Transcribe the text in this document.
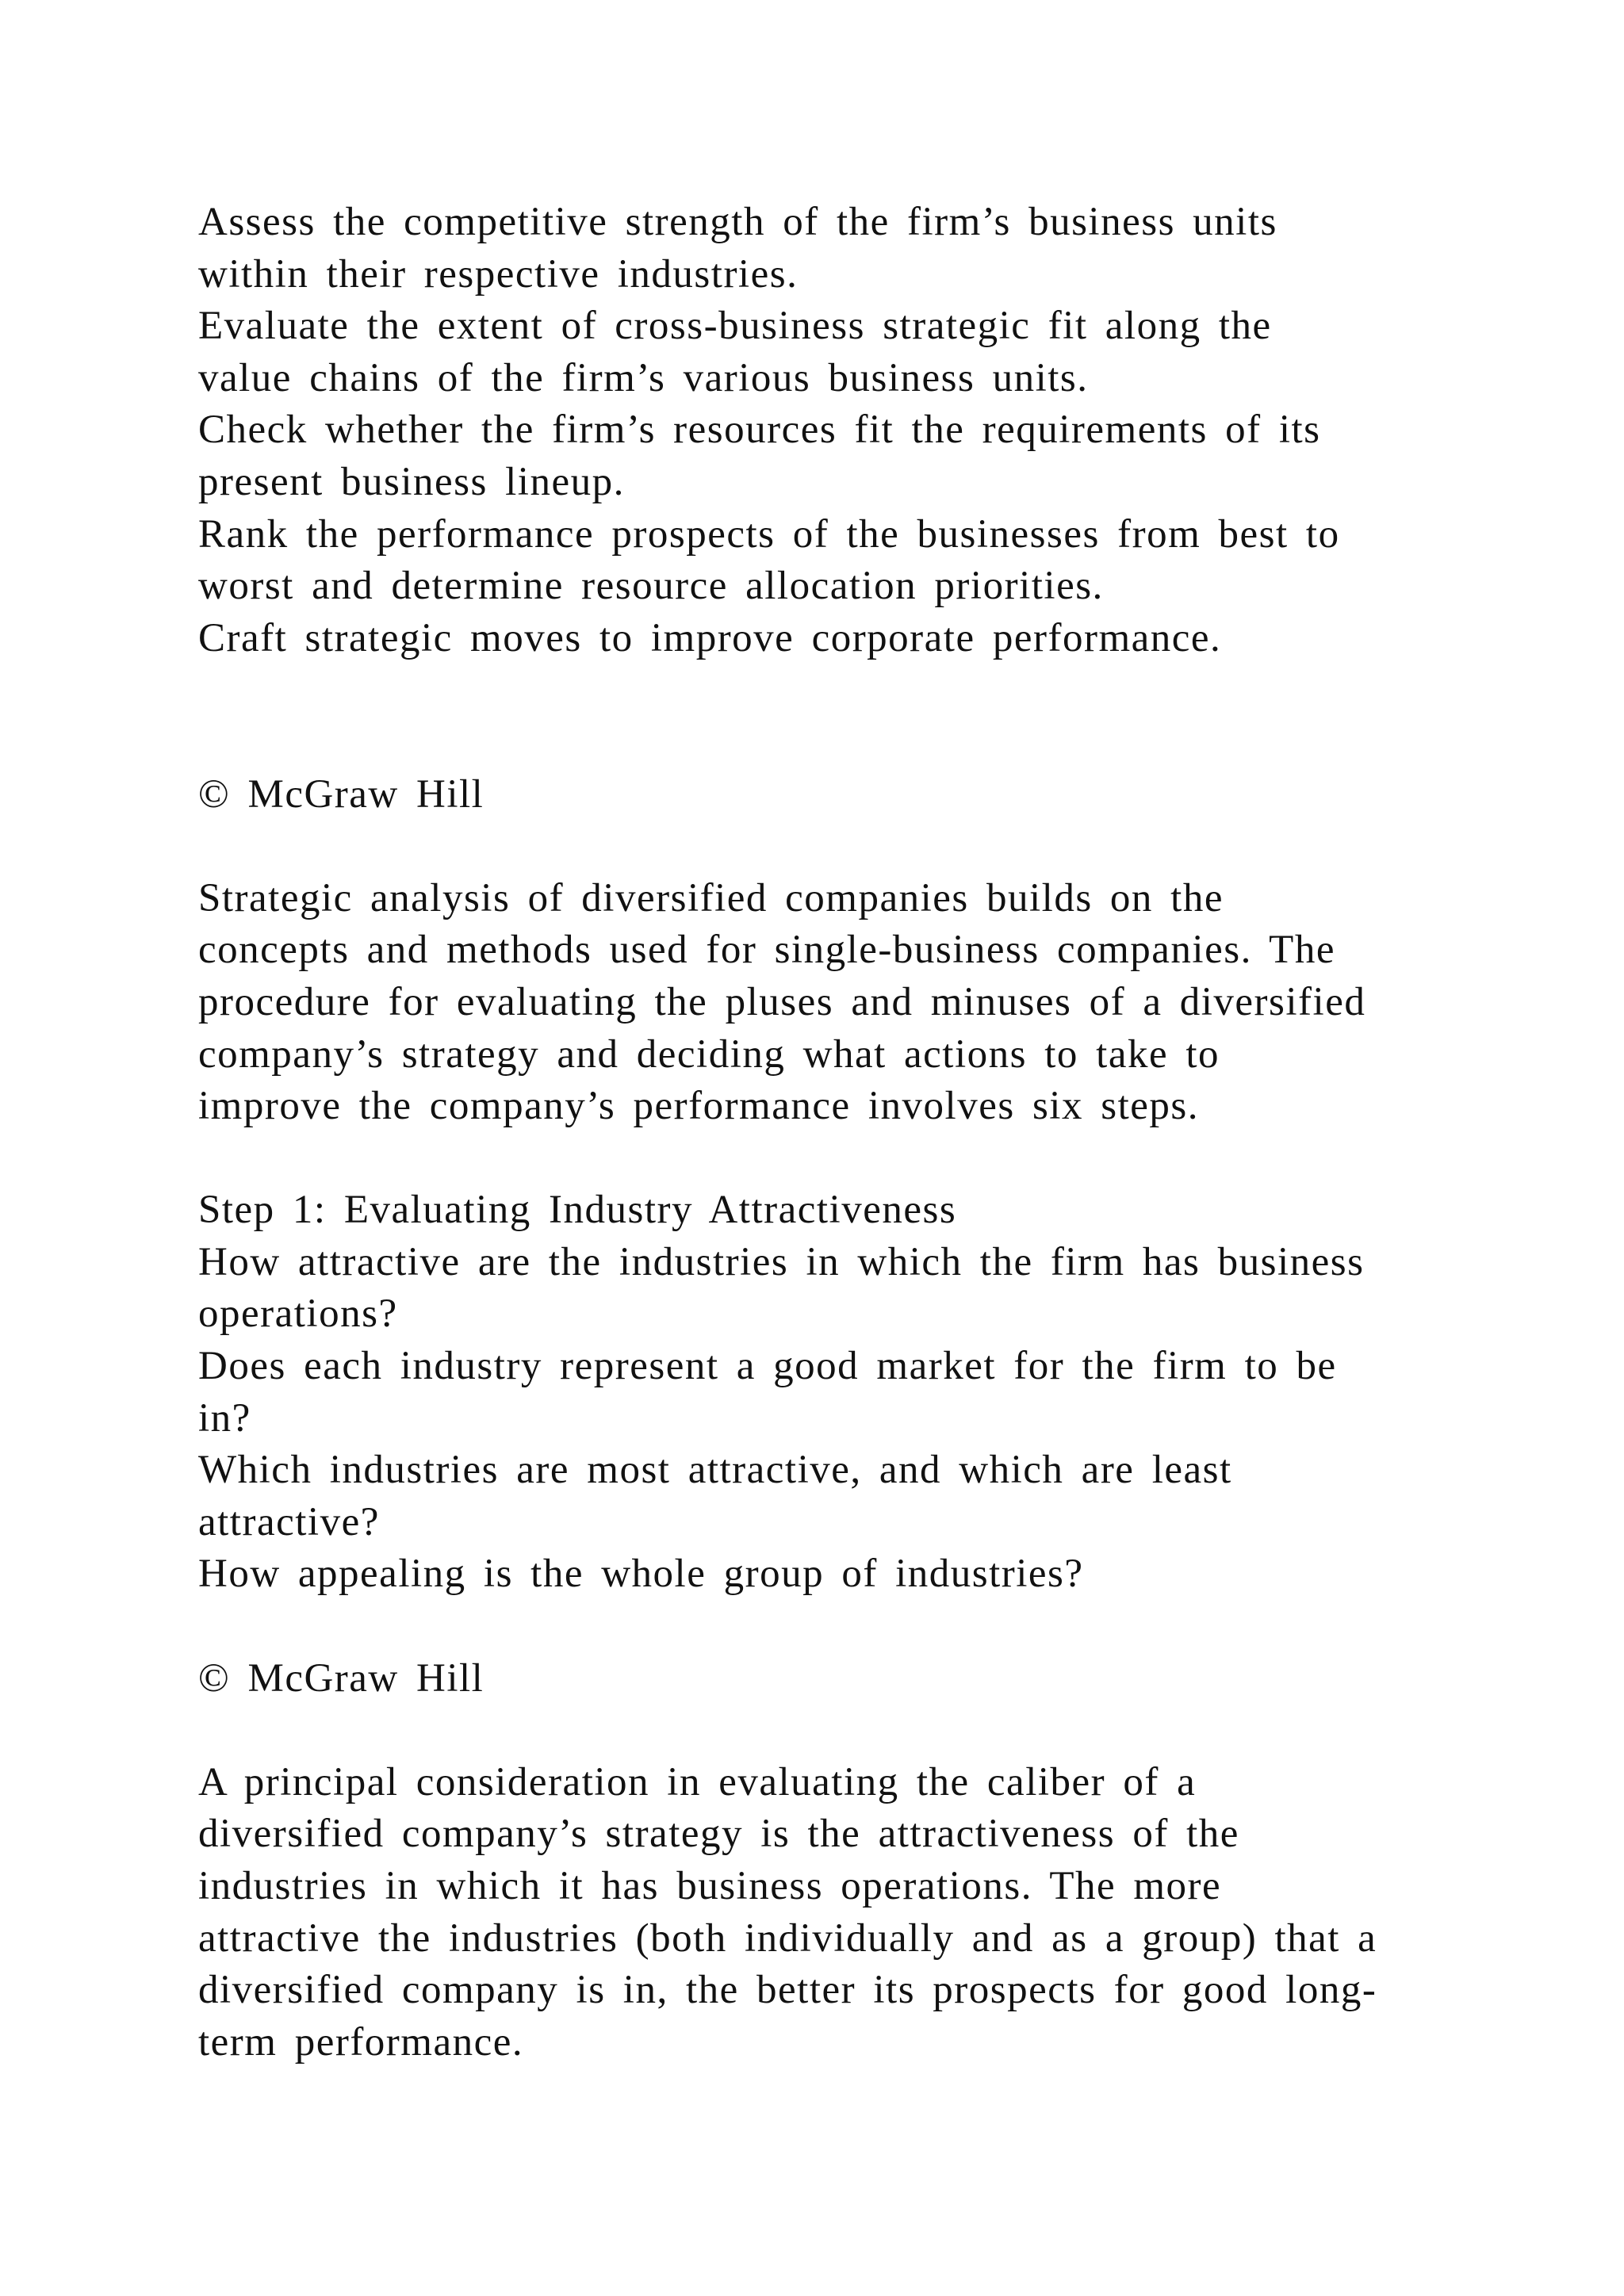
Assess the competitive strength of the firm’s business units
within their respective industries.
Evaluate the extent of cross-business strategic fit along the
value chains of the firm’s various business units.
Check whether the firm’s resources fit the requirements of its
present business lineup.
Rank the performance prospects of the businesses from best to
worst and determine resource allocation priorities.
Craft strategic moves to improve corporate performance.
© McGraw Hill
Strategic analysis of diversified companies builds on the
concepts and methods used for single-business companies. The
procedure for evaluating the pluses and minuses of a diversified
company’s strategy and deciding what actions to take to
improve the company’s performance involves six steps.
Step 1: Evaluating Industry Attractiveness
How attractive are the industries in which the firm has business
operations?
Does each industry represent a good market for the firm to be
in?
Which industries are most attractive, and which are least
attractive?
How appealing is the whole group of industries?
© McGraw Hill
A principal consideration in evaluating the caliber of a
diversified company’s strategy is the attractiveness of the
industries in which it has business operations. The more
attractive the industries (both individually and as a group) that a
diversified company is in, the better its prospects for good long-
term performance.
